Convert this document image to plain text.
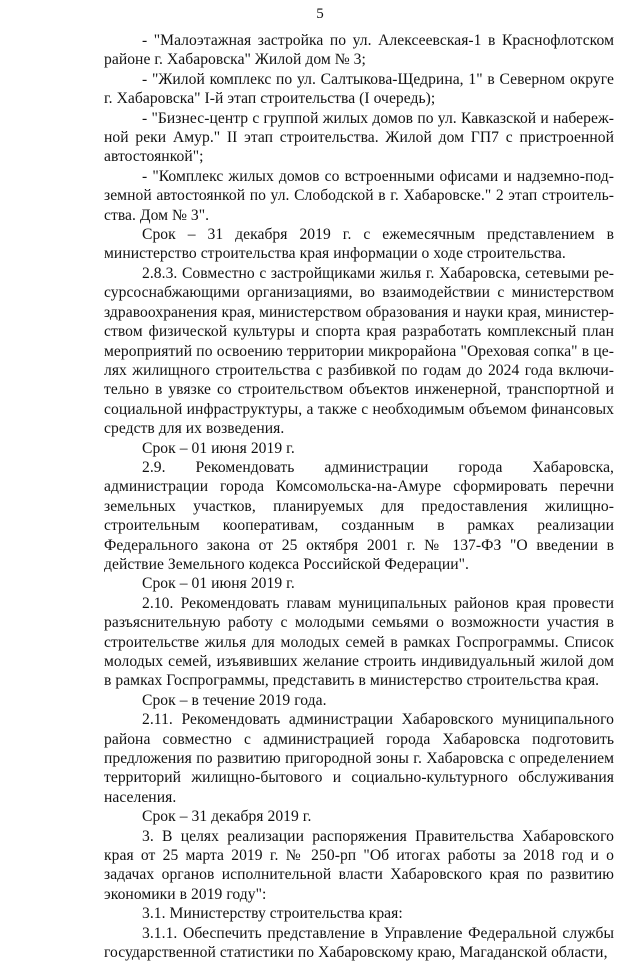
5

- "Малоэтажная застройка по ул. Алексеевская-1 в Краснофлотском районе г. Хабаровска" Жилой дом № 3;

- "Жилой комплекс по ул. Салтыкова-Щедрина, 1" в Северном округе г. Хабаровска" I-й этап строительства (I очередь);

- "Бизнес-центр с группой жилых домов по ул. Кавказской и набережной реки Амур." II этап строительства. Жилой дом ГП7 с пристроенной автостоянкой";

- "Комплекс жилых домов со встроенными офисами и надземно-подземной автостоянкой по ул. Слободской в г. Хабаровске." 2 этап строительства. Дом № 3".

Срок – 31 декабря 2019 г. с ежемесячным представлением в министерство строительства края информации о ходе строительства.

2.8.3. Совместно с застройщиками жилья г. Хабаровска, сетевыми ресурсоснабжающими организациями, во взаимодействии с министерством здравоохранения края, министерством образования и науки края, министерством физической культуры и спорта края разработать комплексный план мероприятий по освоению территории микрорайона "Ореховая сопка" в целях жилищного строительства с разбивкой по годам до 2024 года включительно в увязке со строительством объектов инженерной, транспортной и социальной инфраструктуры, а также с необходимым объемом финансовых средств для их возведения.

Срок – 01 июня 2019 г.

2.9. Рекомендовать администрации города Хабаровска, администрации города Комсомольска-на-Амуре сформировать перечни земельных участков, планируемых для предоставления жилищно-строительным кооперативам, созданным в рамках реализации Федерального закона от 25 октября 2001 г. № 137-ФЗ "О введении в действие Земельного кодекса Российской Федерации".

Срок – 01 июня 2019 г.

2.10. Рекомендовать главам муниципальных районов края провести разъяснительную работу с молодыми семьями о возможности участия в строительстве жилья для молодых семей в рамках Госпрограммы. Список молодых семей, изъявивших желание строить индивидуальный жилой дом в рамках Госпрограммы, представить в министерство строительства края.

Срок – в течение 2019 года.

2.11. Рекомендовать администрации Хабаровского муниципального района совместно с администрацией города Хабаровска подготовить предложения по развитию пригородной зоны г. Хабаровска с определением территорий жилищно-бытового и социально-культурного обслуживания населения.

Срок – 31 декабря 2019 г.

3. В целях реализации распоряжения Правительства Хабаровского края от 25 марта 2019 г. № 250-рп "Об итогах работы за 2018 год и о задачах органов исполнительной власти Хабаровского края по развитию экономики в 2019 году":

3.1. Министерству строительства края:

3.1.1. Обеспечить представление в Управление Федеральной службы государственной статистики по Хабаровскому краю, Магаданской области,
